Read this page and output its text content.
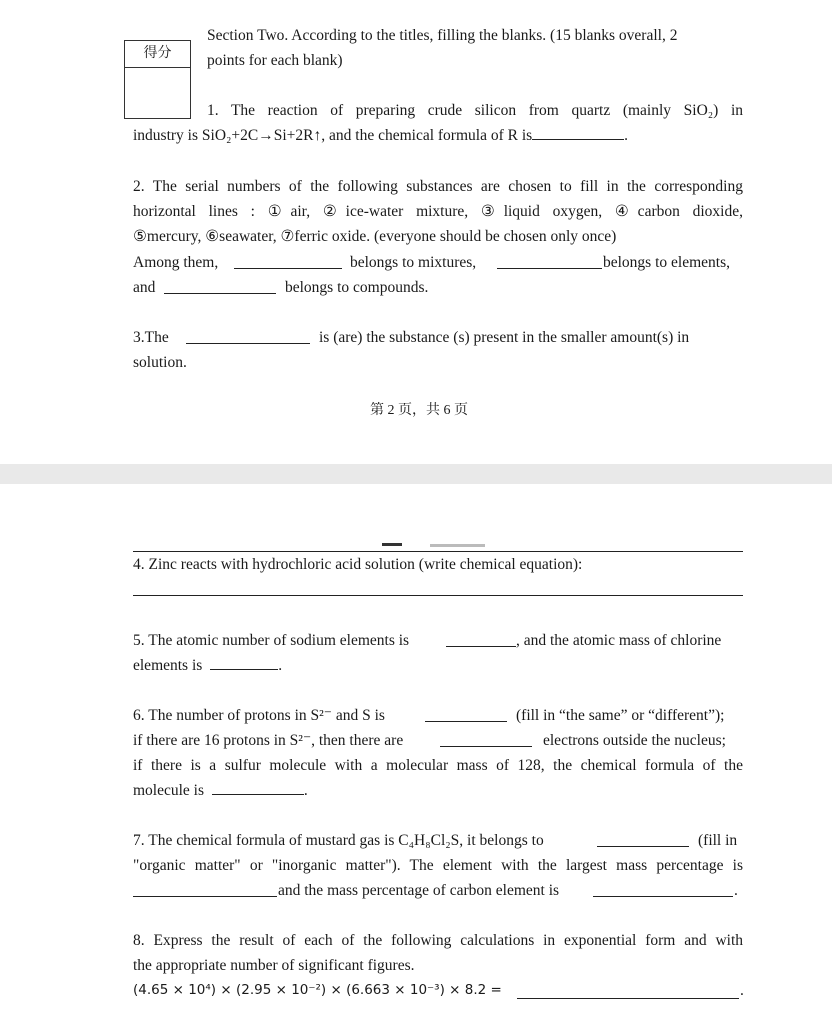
得分
Section Two. According to the titles, filling the blanks. (15 blanks overall, 2
points for each blank)
1. The reaction of preparing crude silicon from quartz (mainly SiO₂) in
industry is SiO₂+2C→Si+2R↑, and the chemical formula of R is	.
2. The serial numbers of the following substances are chosen to fill in the corresponding
horizontal lines : ①air, ②ice-water mixture, ③liquid oxygen, ④carbon dioxide,
⑤mercury, ⑥seawater, ⑦ferric oxide. (everyone should be chosen only once)
Among them,	belongs to mixtures,	belongs to elements,
and	belongs to compounds.
3.The	is (are) the substance (s) present in the smaller amount(s) in
solution.
第 2 页，共 6 页
4. Zinc reacts with hydrochloric acid solution (write chemical equation):
5. The atomic number of sodium elements is	, and the atomic mass of chlorine
elements is	.
6. The number of protons in S²⁻ and S is	(fill in “the same” or “different”);
if there are 16 protons in S²⁻, then there are	electrons outside the nucleus;
if there is a sulfur molecule with a molecular mass of 128, the chemical formula of the
molecule is	.
7. The chemical formula of mustard gas is C₄H₈Cl₂S, it belongs to	(fill in
"organic matter" or "inorganic matter"). The element with the largest mass percentage is
and the mass percentage of carbon element is	.
8. Express the result of each of the following calculations in exponential form and with
the appropriate number of significant figures.
(4.65 × 10⁴) × (2.95 × 10⁻²) × (6.663 × 10⁻³) × 8.2 =	.
